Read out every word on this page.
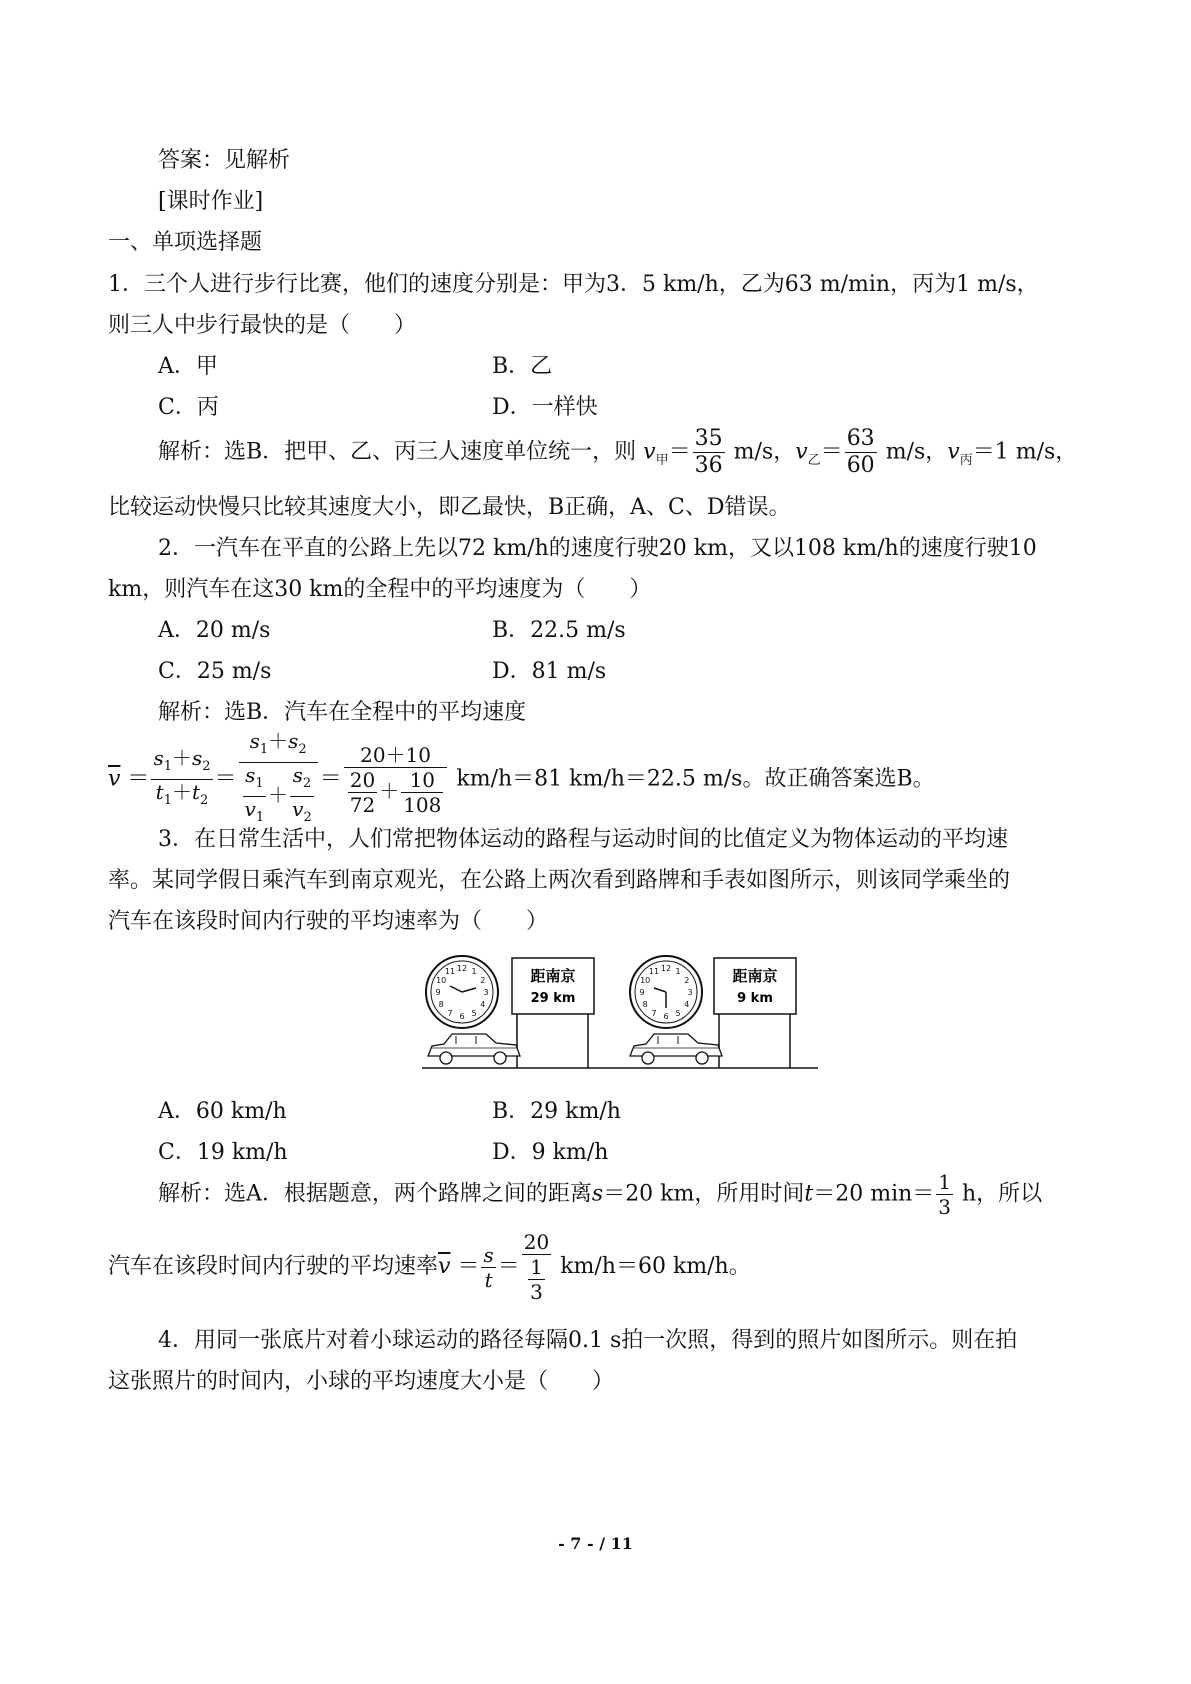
答案：见解析
[课时作业]
一、单项选择题
1．三个人进行步行比赛，他们的速度分别是：甲为3．5 km/h，乙为63 m/min，丙为1 m/s，
则三人中步行最快的是（　　）
A．甲	B．乙
C．丙	D．一样快
解析：选B．把甲、乙、丙三人速度单位统一，则 $v_甲= \frac{35}{36} m/s$，$v_乙= \frac{63}{60} m/s$，$v_丙=1$ m/s，
比较运动快慢只比较其速度大小，即乙最快，B正确，A、C、D错误。
2．一汽车在平直的公路上先以72 km/h的速度行驶20 km，又以108 km/h的速度行驶10
km，则汽车在这30 km的全程中的平均速度为（　　）
A．20 m/s	B．22.5 m/s
C．25 m/s	D．81 m/s
解析：选B．汽车在全程中的平均速度
$\overline{v} = \frac{s_1+s_2}{t_1+t_2} = \frac{s_1+s_2}{\frac{s_1}{v_1} + \frac{s_2}{v_2}} = \frac{20+10}{\frac{20}{72} + \frac{10}{108}} km/h=81$ km/h＝22.5 m/s。故正确答案选B。
3．在日常生活中，人们常把物体运动的路程与运动时间的比值定义为物体运动的平均速
率。某同学假日乘汽车到南京观光，在公路上两次看到路牌和手表如图所示，则该同学乘坐的
汽车在该段时间内行驶的平均速率为（　　）
12 1
2
3
4
5
6
7
8
9
10
11	距南京
29 km
12 1
2
3
4
5
6
7
8
9
10
11	距南京
9 km
A．60 km/h	B．29 km/h
C．19 km/h	D．9 km/h
解析：选A．根据题意，两个路牌之间的距离s＝20 km，所用时间t＝20 $\min= \frac{1}{3}$ h，所以
汽车在该段时间内行驶的平均速率$\overline{v} = \frac{s}{t} = \frac{20}{\frac{1}{3}} km/h=60$ km/h。
4．用同一张底片对着小球运动的路径每隔0.1 s拍一次照，得到的照片如图所示。则在拍
这张照片的时间内，小球的平均速度大小是（　　）
- 7 - / 11
